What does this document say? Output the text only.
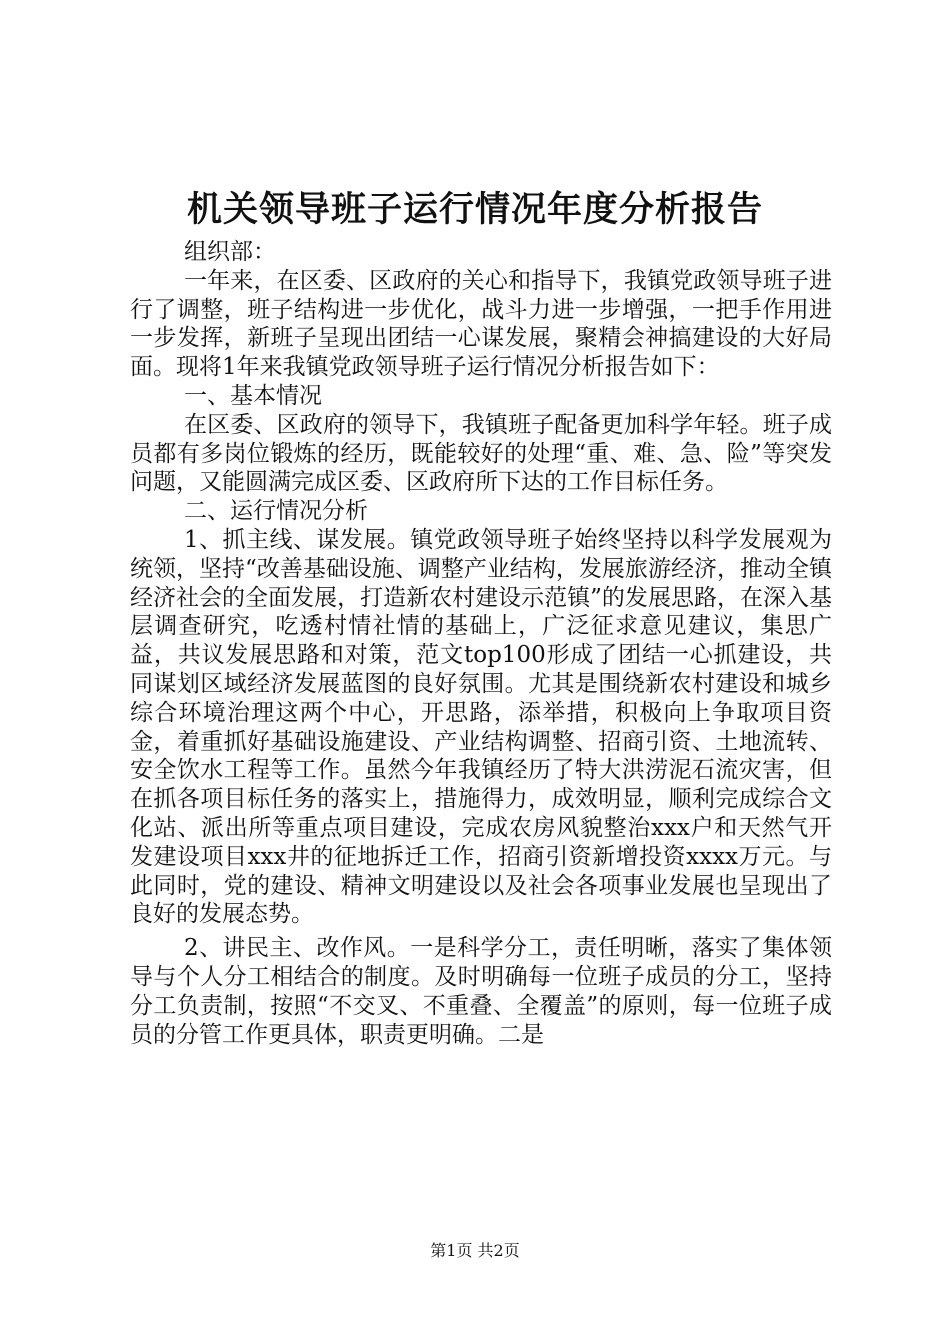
机关领导班子运行情况年度分析报告

组织部：

一年来，在区委、区政府的关心和指导下，我镇党政领导班子进行了调整，班子结构进一步优化，战斗力进一步增强，一把手作用进一步发挥，新班子呈现出团结一心谋发展，聚精会神搞建设的大好局面。现将1年来我镇党政领导班子运行情况分析报告如下：

一、基本情况

在区委、区政府的领导下，我镇班子配备更加科学年轻。班子成员都有多岗位锻炼的经历，既能较好的处理“重、难、急、险”等突发问题，又能圆满完成区委、区政府所下达的工作目标任务。

二、运行情况分析

1、抓主线、谋发展。镇党政领导班子始终坚持以科学发展观为统领，坚持“改善基础设施、调整产业结构，发展旅游经济，推动全镇经济社会的全面发展，打造新农村建设示范镇”的发展思路，在深入基层调查研究，吃透村情社情的基础上，广泛征求意见建议，集思广益，共议发展思路和对策，范文top100形成了团结一心抓建设，共同谋划区域经济发展蓝图的良好氛围。尤其是围绕新农村建设和城乡综合环境治理这两个中心，开思路，添举措，积极向上争取项目资金，着重抓好基础设施建设、产业结构调整、招商引资、土地流转、安全饮水工程等工作。虽然今年我镇经历了特大洪涝泥石流灾害，但在抓各项目标任务的落实上，措施得力，成效明显，顺利完成综合文化站、派出所等重点项目建设，完成农房风貌整治xxx户和天然气开发建设项目xxx井的征地拆迁工作，招商引资新增投资xxxx万元。与此同时，党的建设、精神文明建设以及社会各项事业发展也呈现出了良好的发展态势。

2、讲民主、改作风。一是科学分工，责任明晰，落实了集体领导与个人分工相结合的制度。及时明确每一位班子成员的分工，坚持分工负责制，按照“不交叉、不重叠、全覆盖”的原则，每一位班子成员的分管工作更具体，职责更明确。二是

第1页 共2页
